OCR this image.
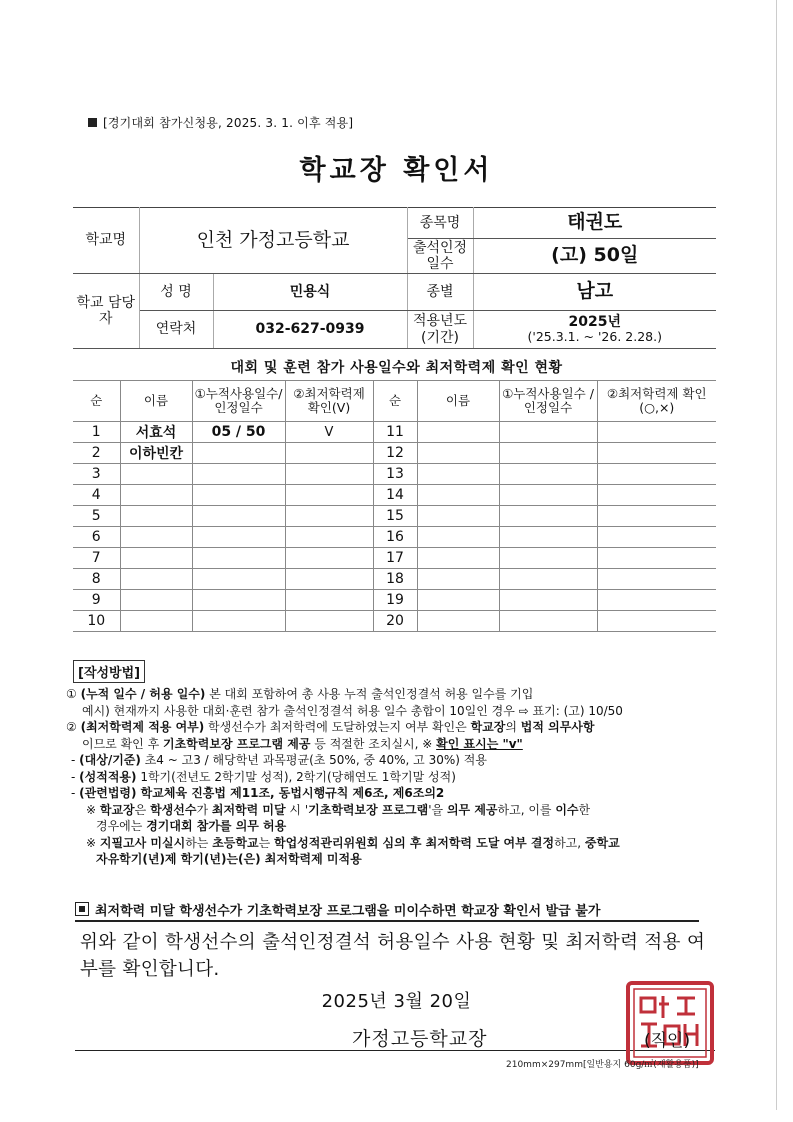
[경기대회 참가신청용, 2025. 3. 1. 이후 적용]
학교장 확인서
학교명	인천 가정고등학교		종목명	태권도
			출석인정 일수	(고) 50일
학교 담당자	성 명	민용식	종별	남고
	연락처	032-627-0939	적용년도 (기간)	2025년
('25.3.1. ~ '26. 2.28.)
대회 및 훈련 참가 사용일수와 최저학력제 확인 현황
순	이름	①누적사용일수/ 인정일수	②최저학력제 확인(V)	순	이름	①누적사용일수 /인정일수	②최저학력제 확인(○,×)
1	서효석	05 / 50	V	11			
2	이하빈칸			12			
3				13			
4				14			
5				15			
6				16			
7				17			
8				18			
9				19			
10				20			
[작성방법]
① (누적 일수 / 허용 일수) 본 대회 포함하여 총 사용 누적 출석인정결석 허용 일수를 기입
예시) 현재까지 사용한 대회·훈련 참가 출석인정결석 허용 일수 총합이 10일인 경우 ⇨ 표기: (고) 10/50
② (최저학력제 적용 여부) 학생선수가 최저학력에 도달하였는지 여부 확인은 학교장의 법적 의무사항
이므로 확인 후 기초학력보장 프로그램 제공 등 적절한 조치실시, ※ 확인 표시는 "v"
- (대상/기준) 초4 ~ 고3 / 해당학년 과목평균(초 50%, 중 40%, 고 30%) 적용
- (성적적용) 1학기(전년도 2학기말 성적), 2학기(당해연도 1학기말 성적)
- (관련법령) 학교체육 진흥법 제11조, 동법시행규칙 제6조, 제6조의2
※ 학교장은 학생선수가 최저학력 미달 시 '기초학력보장 프로그램'을 의무 제공하고, 이를 이수한
경우에는 경기대회 참가를 의무 허용
※ 지필고사 미실시하는 초등학교는 학업성적관리위원회 심의 후 최저학력 도달 여부 결정하고, 중학교
자유학기(년)제 학기(년)는(은) 최저학력제 미적용
최저학력 미달 학생선수가 기초학력보장 프로그램을 미이수하면 학교장 확인서 발급 불가
위와 같이 학생선수의 출석인정결석 허용일수 사용 현황 및 최저학력 적용 여부를 확인합니다.
2025년 3월 20일
가정고등학교장	(직인)
210mm×297mm[일반용지 60g/㎡(재활용품)]
